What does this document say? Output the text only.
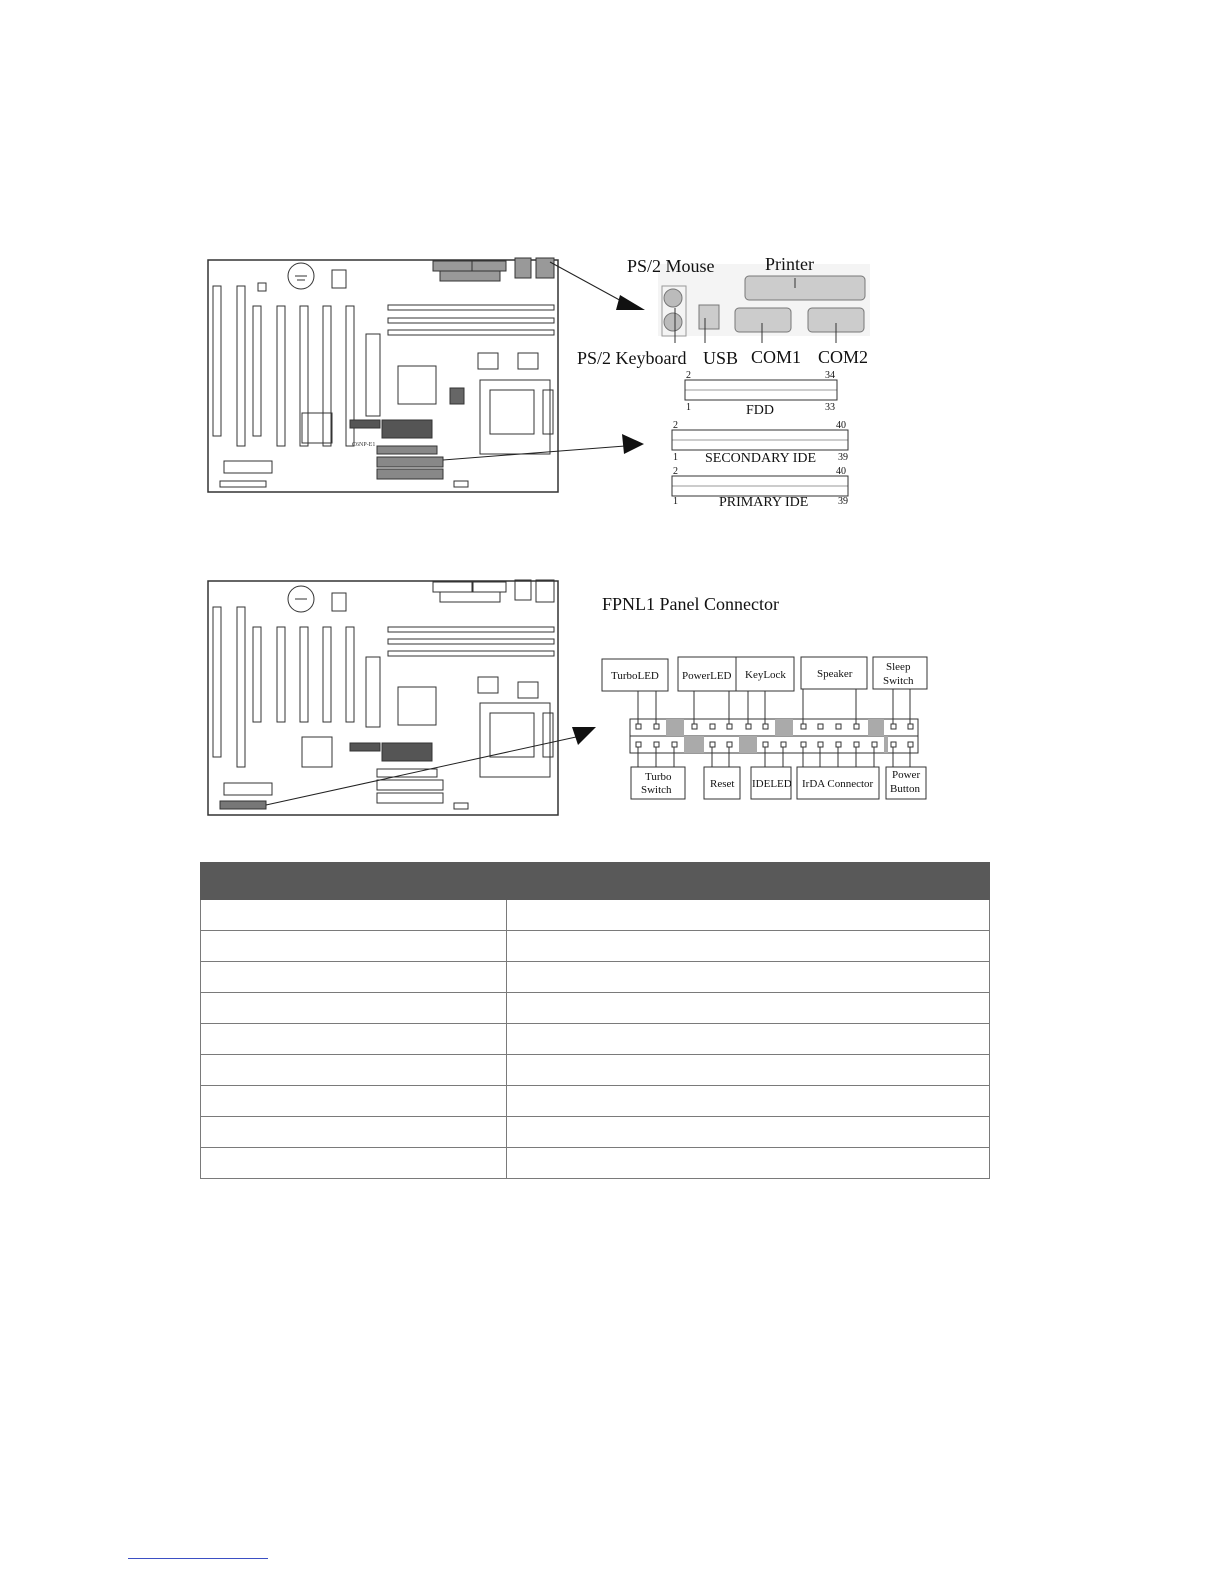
C6NP-E1
PS/2 Mouse	Printer
PS/2 Keyboard USB COM1 COM2
2	34
1	33
FDD
2	40
1	39
SECONDARY IDE
2	40
1	39
PRIMARY IDE
FPNL1 Panel Connector
TurboLED PowerLED KeyLock	Speaker
Sleep
Switch
Turbo
Switch	Reset IDELED IrDA Connector
Power
Button
